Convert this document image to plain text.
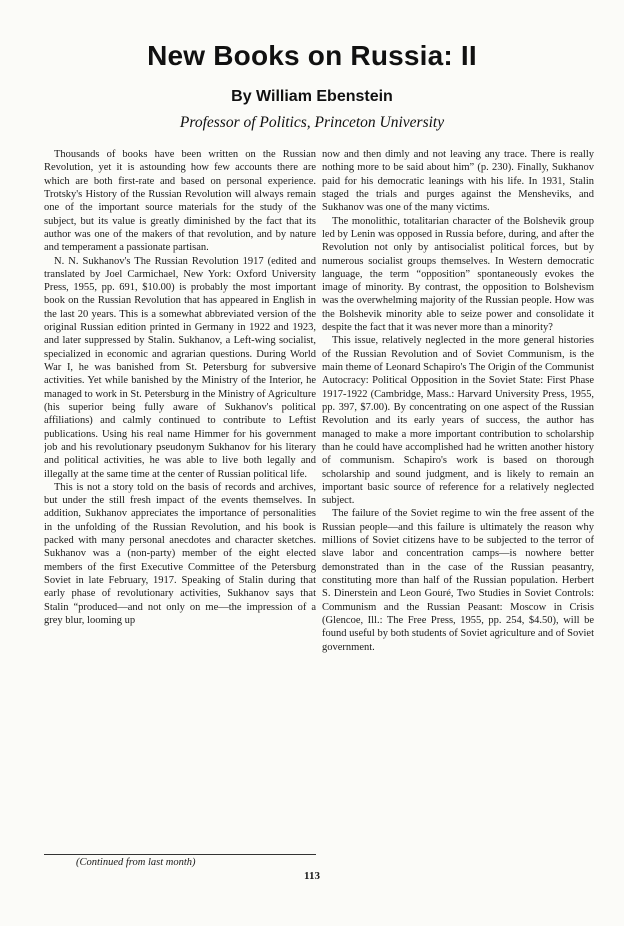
New Books on Russia: II
By William Ebenstein
Professor of Politics, Princeton University

Thousands of books have been written on the Russian Revolution, yet it is astounding how few accounts there are which are both first-rate and based on personal experience. Trotsky's History of the Russian Revolution will always remain one of the important source materials for the study of the subject, but its value is greatly diminished by the fact that its author was one of the makers of that revolution, and by nature and temperament a passionate partisan.

N. N. Sukhanov's The Russian Revolution 1917 (edited and translated by Joel Carmichael, New York: Oxford University Press, 1955, pp. 691, $10.00) is probably the most important book on the Russian Revolution that has appeared in English in the last 20 years. This is a somewhat abbreviated version of the original Russian edition printed in Germany in 1922 and 1923, and later suppressed by Stalin. Sukhanov, a Left-wing socialist, specialized in economic and agrarian questions. During World War I, he was banished from St. Petersburg for subversive activities. Yet while banished by the Ministry of the Interior, he managed to work in St. Petersburg in the Ministry of Agriculture (his superior being fully aware of Sukhanov's political affiliations) and calmly continued to contribute to Leftist publications. Using his real name Himmer for his government job and his revolutionary pseudonym Sukhanov for his literary and political activities, he was able to live both legally and illegally at the same time at the center of Russian political life.

This is not a story told on the basis of records and archives, but under the still fresh impact of the events themselves. In addition, Sukhanov appreciates the importance of personalities in the unfolding of the Russian Revolution, and his book is packed with many personal anecdotes and character sketches. Sukhanov was a (non-party) member of the eight elected members of the first Executive Committee of the Petersburg Soviet in late February, 1917. Speaking of Stalin during that early phase of revolutionary activities, Sukhanov says that Stalin “produced—and not only on me—the impression of a grey blur, looming up

(Continued from last month)

now and then dimly and not leaving any trace. There is really nothing more to be said about him” (p. 230). Finally, Sukhanov paid for his democratic leanings with his life. In 1931, Stalin staged the trials and purges against the Mensheviks, and Sukhanov was one of the many victims.

The monolithic, totalitarian character of the Bolshevik group led by Lenin was opposed in Russia before, during, and after the Revolution not only by antisocialist political forces, but by numerous socialist groups themselves. In Western democratic language, the term “opposition” spontaneously evokes the image of minority. By contrast, the opposition to Bolshevism was the overwhelming majority of the Russian people. How was the Bolshevik minority able to seize power and consolidate it despite the fact that it was never more than a minority?

This issue, relatively neglected in the more general histories of the Russian Revolution and of Soviet Communism, is the main theme of Leonard Schapiro's The Origin of the Communist Autocracy: Political Opposition in the Soviet State: First Phase 1917-1922 (Cambridge, Mass.: Harvard University Press, 1955, pp. 397, $7.00). By concentrating on one aspect of the Russian Revolution and its early years of success, the author has managed to make a more important contribution to scholarship than he could have accomplished had he written another history of communism. Schapiro's work is based on thorough scholarship and sound judgment, and is likely to remain an important basic source of reference for a relatively neglected subject.

The failure of the Soviet regime to win the free assent of the Russian people—and this failure is ultimately the reason why millions of Soviet citizens have to be subjected to the terror of slave labor and concentration camps—is nowhere better demonstrated than in the case of the Russian peasantry, constituting more than half of the Russian population. Herbert S. Dinerstein and Leon Gouré, Two Studies in Soviet Controls: Communism and the Russian Peasant: Moscow in Crisis (Glencoe, Ill.: The Free Press, 1955, pp. 254, $4.50), will be found useful by both students of Soviet agriculture and of Soviet government.

113
